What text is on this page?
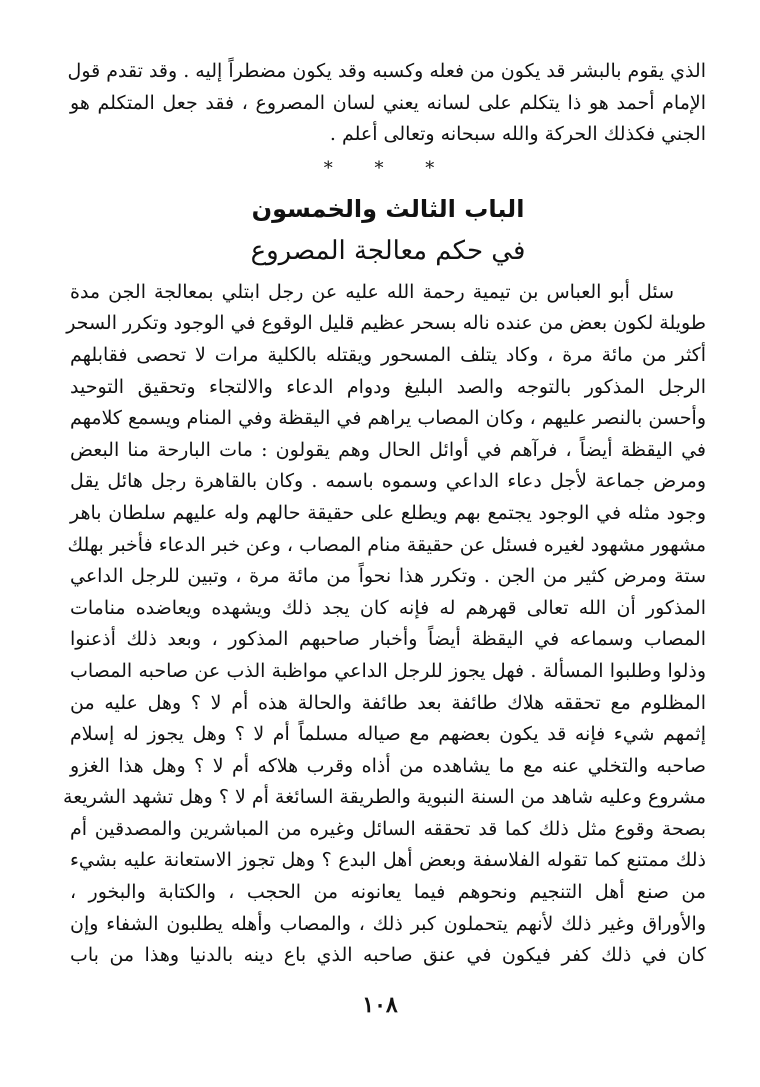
الذي يقوم بالبشر قد يكون من فعله وكسبه وقد يكون مضطراً إليه . وقد تقدم قول
الإمام أحمد هو ذا يتكلم على لسانه يعني لسان المصروع ، فقد جعل المتكلم هو
الجني فكذلك الحركة والله سبحانه وتعالى أعلم .
* * *
الباب الثالث والخمسون
في حكم معالجة المصروع
سئل أبو العباس بن تيمية رحمة الله عليه عن رجل ابتلي بمعالجة الجن مدة
طويلة لكون بعض من عنده ناله بسحر عظيم قليل الوقوع في الوجود وتكرر السحر
أكثر من مائة مرة ، وكاد يتلف المسحور ويقتله بالكلية مرات لا تحصى فقابلهم
الرجل المذكور بالتوجه والصد البليغ ودوام الدعاء والالتجاء وتحقيق التوحيد
وأحسن بالنصر عليهم ، وكان المصاب يراهم في اليقظة وفي المنام ويسمع كلامهم
في اليقظة أيضاً ، فرآهم في أوائل الحال وهم يقولون : مات البارحة منا البعض
ومرض جماعة لأجل دعاء الداعي وسموه باسمه . وكان بالقاهرة رجل هائل يقل
وجود مثله في الوجود يجتمع بهم ويطلع على حقيقة حالهم وله عليهم سلطان باهر
مشهور مشهود لغيره فسئل عن حقيقة منام المصاب ، وعن خبر الدعاء فأخبر بهلك
ستة ومرض كثير من الجن . وتكرر هذا نحواً من مائة مرة ، وتبين للرجل الداعي
المذكور أن الله تعالى قهرهم له فإنه كان يجد ذلك ويشهده ويعاضده منامات
المصاب وسماعه في اليقظة أيضاً وأخبار صاحبهم المذكور ، وبعد ذلك أذعنوا
وذلوا وطلبوا المسألة . فهل يجوز للرجل الداعي مواظبة الذب عن صاحبه المصاب
المظلوم مع تحققه هلاك طائفة بعد طائفة والحالة هذه أم لا ؟ وهل عليه من
إثمهم شيء فإنه قد يكون بعضهم مع صياله مسلماً أم لا ؟ وهل يجوز له إسلام
صاحبه والتخلي عنه مع ما يشاهده من أذاه وقرب هلاكه أم لا ؟ وهل هذا الغزو
مشروع وعليه شاهد من السنة النبوية والطريقة السائغة أم لا ؟ وهل تشهد الشريعة
بصحة وقوع مثل ذلك كما قد تحققه السائل وغيره من المباشرين والمصدقين أم
ذلك ممتنع كما تقوله الفلاسفة وبعض أهل البدع ؟ وهل تجوز الاستعانة عليه بشيء
من صنع أهل التنجيم ونحوهم فيما يعانونه من الحجب ، والكتابة والبخور ،
والأوراق وغير ذلك لأنهم يتحملون كبر ذلك ، والمصاب وأهله يطلبون الشفاء وإن
كان في ذلك كفر فيكون في عنق صاحبه الذي باع دينه بالدنيا وهذا من باب
١٠٨
